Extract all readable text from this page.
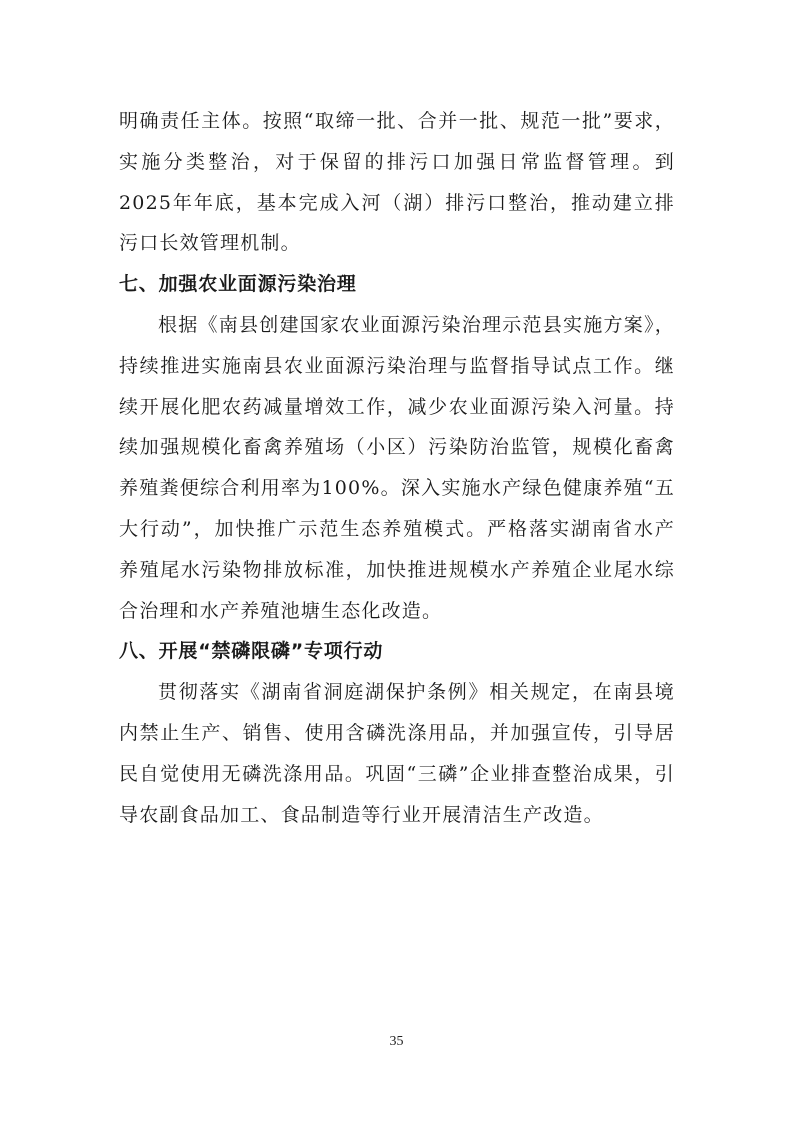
明确责任主体。按照“取缔一批、合并一批、规范一批”要求，实施分类整治，对于保留的排污口加强日常监督管理。到2025年年底，基本完成入河（湖）排污口整治，推动建立排污口长效管理机制。

七、加强农业面源污染治理

根据《南县创建国家农业面源污染治理示范县实施方案》，持续推进实施南县农业面源污染治理与监督指导试点工作。继续开展化肥农药减量增效工作，减少农业面源污染入河量。持续加强规模化畜禽养殖场（小区）污染防治监管，规模化畜禽养殖粪便综合利用率为100%。深入实施水产绿色健康养殖“五大行动”，加快推广示范生态养殖模式。严格落实湖南省水产养殖尾水污染物排放标准，加快推进规模水产养殖企业尾水综合治理和水产养殖池塘生态化改造。

八、开展“禁磷限磷”专项行动

贯彻落实《湖南省洞庭湖保护条例》相关规定，在南县境内禁止生产、销售、使用含磷洗涤用品，并加强宣传，引导居民自觉使用无磷洗涤用品。巩固“三磷”企业排查整治成果，引导农副食品加工、食品制造等行业开展清洁生产改造。

35
